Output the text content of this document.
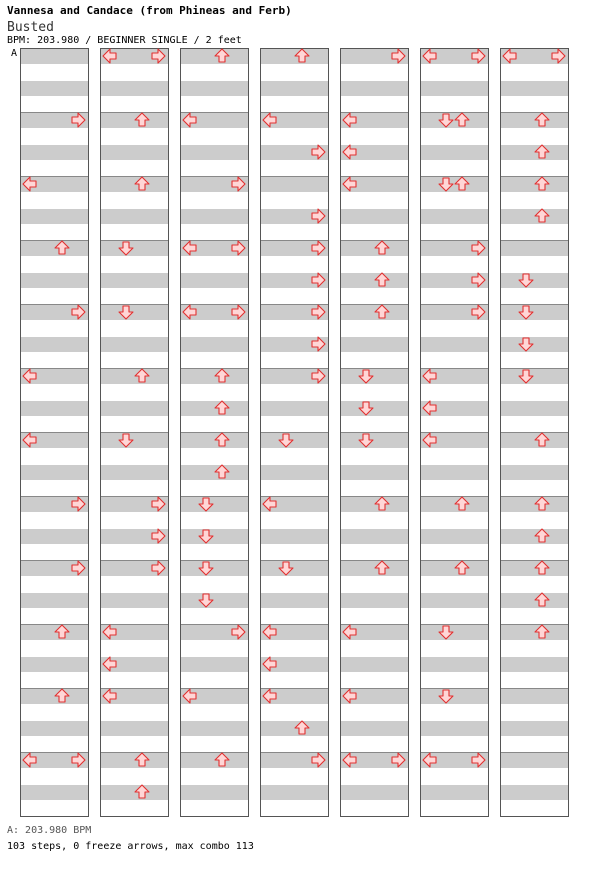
Vannesa and Candace (from Phineas and Ferb)

Busted

BPM: 203.980 / BEGINNER SINGLE / 2 feet

A

A: 203.980 BPM

103 steps, 0 freeze arrows, max combo 113
